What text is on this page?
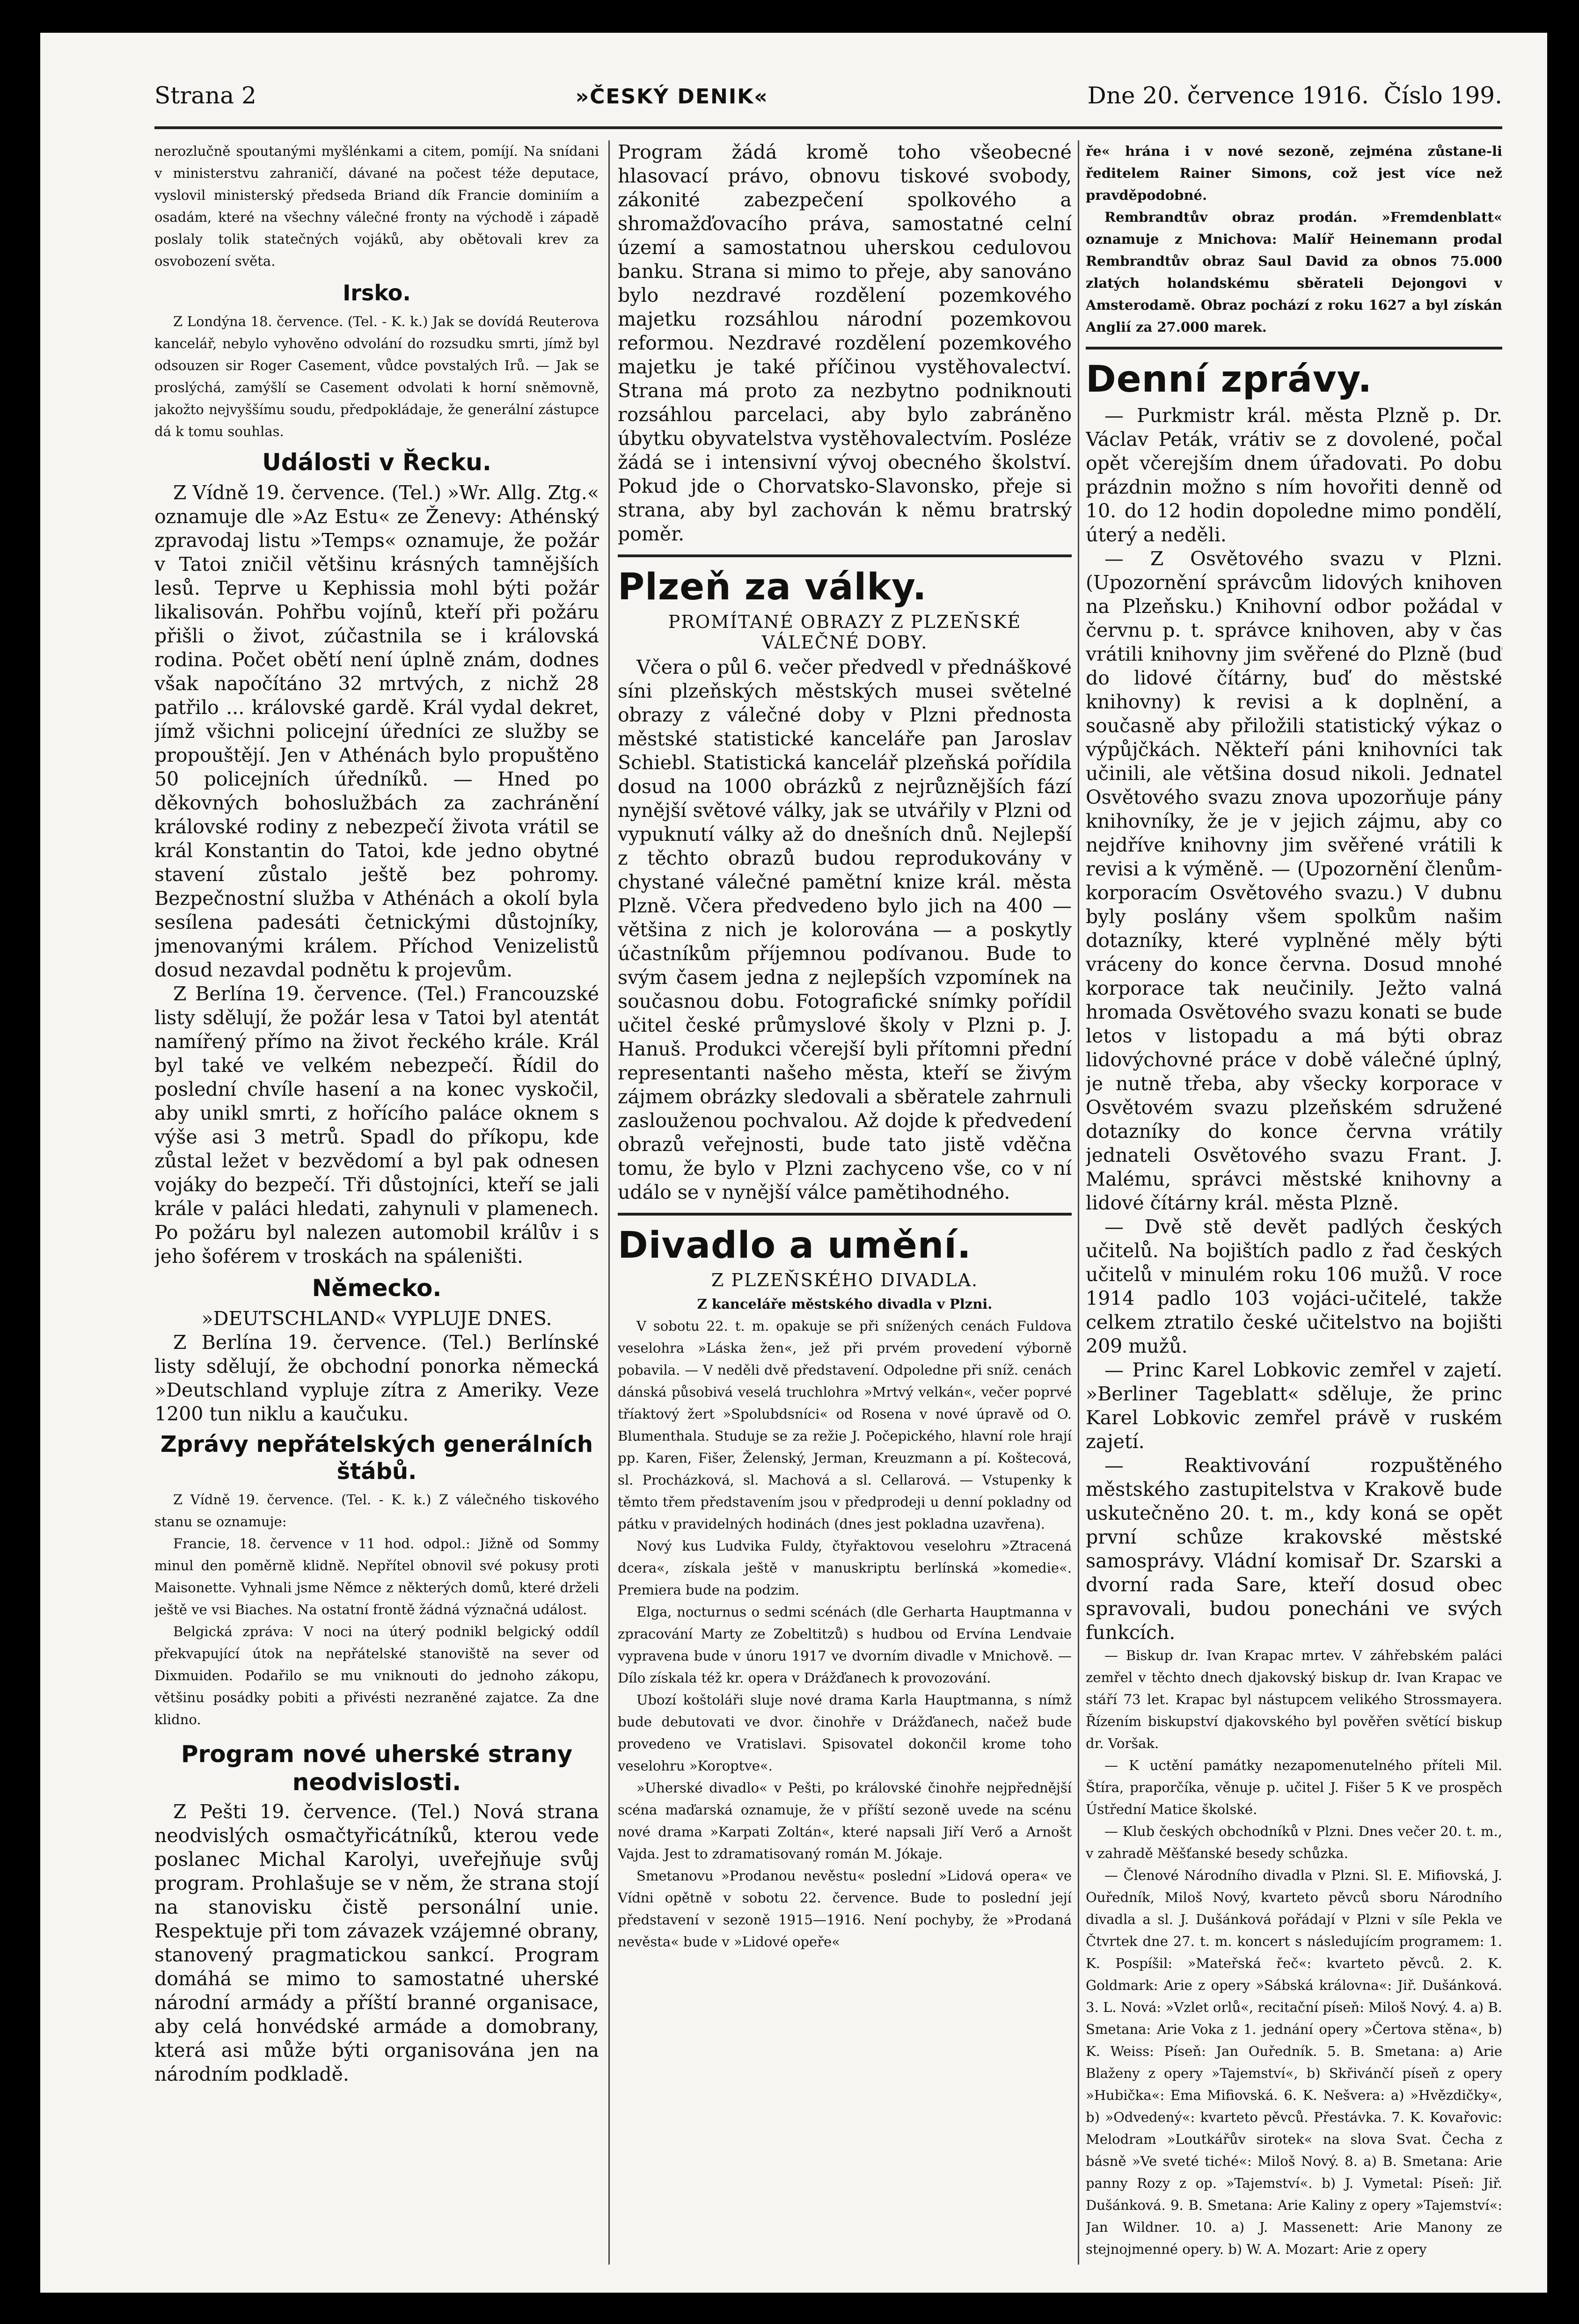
Strana 2	»ČESKÝ DENIK«	Dne 20. července 1916. Číslo 199.

nerozlučně spoutanými myšlénkami a citem, pomíjí. Na snídani v ministerstvu zahraničí, dávané na počest téže deputace, vyslovil ministerský předseda Briand dík Francie dominiím a osadám, které na všechny válečné fronty na východě i západě poslaly tolik statečných vojáků, aby obětovali krev za osvobození světa.

Irsko.

Z Londýna 18. července. (Tel. - K. k.) Jak se dovídá Reuterova kancelář, nebylo vyhověno odvolání do rozsudku smrti, jímž byl odsouzen sir Roger Casement, vůdce povstalých Irů. — Jak se proslýchá, zamýšlí se Casement odvolati k horní sněmovně, jakožto nejvyššímu soudu, předpokládaje, že generální zástupce dá k tomu souhlas.

Události v Řecku.

Z Vídně 19. července. (Tel.) »Wr. Allg. Ztg.« oznamuje dle »Az Estu« ze Ženevy: Athénský zpravodaj listu »Temps« oznamuje, že požár v Tatoi zničil většinu krásných tamnějších lesů. Teprve u Kephissia mohl býti požár likalisován. Pohřbu vojínů, kteří při požáru přišli o život, zúčastnila se i královská rodina. Počet obětí není úplně znám, dodnes však napočítáno 32 mrtvých, z nichž 28 patřilo ... královské gardě. Král vydal dekret, jímž všichni policejní úředníci ze služby se propouštějí. Jen v Athénách bylo propuštěno 50 policejních úředníků. — Hned po děkovných bohoslužbách za zachránění královské rodiny z nebezpečí života vrátil se král Konstantin do Tatoi, kde jedno obytné stavení zůstalo ještě bez pohromy. Bezpečnostní služba v Athénách a okolí byla sesílena padesáti četnickými důstojníky, jmenovanými králem. Příchod Venizelistů dosud nezavdal podnětu k projevům.

Z Berlína 19. července. (Tel.) Francouzské listy sdělují, že požár lesa v Tatoi byl atentát namířený přímo na život řeckého krále. Král byl také ve velkém nebezpečí. Řídil do poslední chvíle hasení a na konec vyskočil, aby unikl smrti, z hořícího paláce oknem s výše asi 3 metrů. Spadl do příkopu, kde zůstal ležet v bezvědomí a byl pak odnesen vojáky do bezpečí. Tři důstojníci, kteří se jali krále v paláci hledati, zahynuli v plamenech. Po požáru byl nalezen automobil králův i s jeho šoférem v troskách na spáleništi.

Německo.
»DEUTSCHLAND« VYPLUJE DNES.

Z Berlína 19. července. (Tel.) Berlínské listy sdělují, že obchodní ponorka německá »Deutschland vypluje zítra z Ameriky. Veze 1200 tun niklu a kaučuku.

Zprávy nepřátelských generálních štábů.

Z Vídně 19. července. (Tel. - K. k.) Z válečného tiskového stanu se oznamuje:

Francie, 18. července v 11 hod. odpol.: Jižně od Sommy minul den poměrně klidně. Nepřítel obnovil své pokusy proti Maisonette. Vyhnali jsme Němce z některých domů, které drželi ještě ve vsi Biaches. Na ostatní frontě žádná význačná událost.

Belgická zpráva: V noci na úterý podnikl belgický oddíl překvapující útok na nepřátelské stanoviště na sever od Dixmuiden. Podařilo se mu vniknouti do jednoho zákopu, většinu posádky pobiti a přivésti nezraněné zajatce. Za dne klidno.

Program nové uherské strany neodvislosti.

Z Pešti 19. července. (Tel.) Nová strana neodvislých osmačtyřicátníků, kterou vede poslanec Michal Karolyi, uveřejňuje svůj program. Prohlašuje se v něm, že strana stojí na stanovisku čistě personální unie. Respektuje při tom závazek vzájemné obrany, stanovený pragmatickou sankcí. Program domáhá se mimo to samostatné uherské národní armády a příští branné organisace, aby celá honvédské armáde a domobrany, která asi může býti organisována jen na národním podkladě.

Program žádá kromě toho všeobecné hlasovací právo, obnovu tiskové svobody, zákonité zabezpečení spolkového a shromažďovacího práva, samostatné celní území a samostatnou uherskou cedulovou banku. Strana si mimo to přeje, aby sanováno bylo nezdravé rozdělení pozemkového majetku rozsáhlou národní pozemkovou reformou. Nezdravé rozdělení pozemkového majetku je také příčinou vystěhovalectví. Strana má proto za nezbytno podniknouti rozsáhlou parcelaci, aby bylo zabráněno úbytku obyvatelstva vystěhovalectvím. Posléze žádá se i intensivní vývoj obecného školství. Pokud jde o Chorvatsko-Slavonsko, přeje si strana, aby byl zachován k němu bratrský poměr.

Plzeň za války.
PROMÍTANÉ OBRAZY Z PLZEŇSKÉ VÁLEČNÉ DOBY.

Včera o půl 6. večer předvedl v přednáškové síni plzeňských městských musei světelné obrazy z válečné doby v Plzni přednosta městské statistické kanceláře pan Jaroslav Schiebl. Statistická kancelář plzeňská pořídila dosud na 1000 obrázků z nejrůznějších fází nynější světové války, jak se utvářily v Plzni od vypuknutí války až do dnešních dnů. Nejlepší z těchto obrazů budou reprodukovány v chystané válečné pamětní knize král. města Plzně. Včera předvedeno bylo jich na 400 — většina z nich je kolorována — a poskytly účastníkům příjemnou podívanou. Bude to svým časem jedna z nejlepších vzpomínek na současnou dobu. Fotografické snímky pořídil učitel české průmyslové školy v Plzni p. J. Hanuš. Produkci včerejší byli přítomni přední representanti našeho města, kteří se živým zájmem obrázky sledovali a sběratele zahrnuli zaslouženou pochvalou. Až dojde k předvedení obrazů veřejnosti, bude tato jistě vděčna tomu, že bylo v Plzni zachyceno vše, co v ní událo se v nynější válce pamětihodného.

Divadlo a umění.
Z PLZEŇSKÉHO DIVADLA.
Z kanceláře městského divadla v Plzni.

V sobotu 22. t. m. opakuje se při snížených cenách Fuldova veselohra »Láska žen«, jež při prvém provedení výborně pobavila. — V neděli dvě představení. Odpoledne při sníž. cenách dánská působivá veselá truchlohra »Mrtvý velkán«, večer poprvé tříaktový žert »Spolubdsníci« od Rosena v nové úpravě od O. Blumenthala. Studuje se za režie J. Počepického, hlavní role hrají pp. Karen, Fišer, Želenský, Jerman, Kreuzmann a pí. Koštecová, sl. Procházková, sl. Machová a sl. Cellarová. — Vstupenky k těmto třem představením jsou v předprodeji u denní pokladny od pátku v pravidelných hodinách (dnes jest pokladna uzavřena).

Nový kus Ludvika Fuldy, čtyřaktovou veselohru »Ztracená dcera«, získala ještě v manuskriptu berlínská »komedie«. Premiera bude na podzim.

Elga, nocturnus o sedmi scénách (dle Gerharta Hauptmanna v zpracování Marty ze Zobeltitzů) s hudbou od Ervína Lendvaie vypravena bude v únoru 1917 ve dvorním divadle v Mnichově. — Dílo získala též kr. opera v Drážďanech k provozování.

Ubozí koštoláři sluje nové drama Karla Hauptmanna, s nímž bude debutovati ve dvor. činohře v Drážďanech, načež bude provedeno ve Vratislavi. Spisovatel dokončil krome toho veselohru »Koroptve«.

»Uherské divadlo« v Pešti, po královské činohře nejpřednější scéna maďarská oznamuje, že v příští sezoně uvede na scénu nové drama »Karpati Zoltán«, které napsali Jiří Verő a Arnošt Vajda. Jest to zdramatisovaný román M. Jókaje.

Smetanovu »Prodanou nevěstu« poslední »Lidová opera« ve Vídni opětně v sobotu 22. července. Bude to poslední její představení v sezoně 1915—1916. Není pochyby, že »Prodaná nevěsta« bude v »Lidové opeře«

ře« hrána i v nové sezoně, zejména zůstane-li ředitelem Rainer Simons, což jest více než pravděpodobné.

Rembrandtův obraz prodán. »Fremdenblatt« oznamuje z Mnichova: Malíř Heinemann prodal Rembrandtův obraz Saul David za obnos 75.000 zlatých holandskému sběrateli Dejongovi v Amsterodamě. Obraz pochází z roku 1627 a byl získán Anglií za 27.000 marek.

Denní zprávy.

— Purkmistr král. města Plzně p. Dr. Václav Peták, vrátiv se z dovolené, počal opět včerejším dnem úřadovati. Po dobu prázdnin možno s ním hovořiti denně od 10. do 12 hodin dopoledne mimo pondělí, úterý a neděli.

— Z Osvětového svazu v Plzni. (Upozornění správcům lidových knihoven na Plzeňsku.) Knihovní odbor požádal v červnu p. t. správce knihoven, aby v čas vrátili knihovny jim svěřené do Plzně (buď do lidové čítárny, buď do městské knihovny) k revisi a k doplnění, a současně aby přiložili statistický výkaz o výpůjčkách. Někteří páni knihovníci tak učinili, ale většina dosud nikoli. Jednatel Osvětového svazu znova upozorňuje pány knihovníky, že je v jejich zájmu, aby co nejdříve knihovny jim svěřené vrátili k revisi a k výměně. — (Upozornění členům-korporacím Osvětového svazu.) V dubnu byly poslány všem spolkům našim dotazníky, které vyplněné měly býti vráceny do konce června. Dosud mnohé korporace tak neučinily. Ježto valná hromada Osvětového svazu konati se bude letos v listopadu a má býti obraz lidovýchovné práce v době válečné úplný, je nutně třeba, aby všecky korporace v Osvětovém svazu plzeňském sdružené dotazníky do konce června vrátily jednateli Osvětového svazu Frant. J. Malému, správci městské knihovny a lidové čítárny král. města Plzně.

— Dvě stě devět padlých českých učitelů. Na bojištích padlo z řad českých učitelů v minulém roku 106 mužů. V roce 1914 padlo 103 vojáci-učitelé, takže celkem ztratilo české učitelstvo na bojišti 209 mužů.

— Princ Karel Lobkovic zemřel v zajetí. »Berliner Tageblatt« sděluje, že princ Karel Lobkovic zemřel právě v ruském zajetí.

— Reaktivování rozpuštěného městského zastupitelstva v Krakově bude uskutečněno 20. t. m., kdy koná se opět první schůze krakovské městské samosprávy. Vládní komisař Dr. Szarski a dvorní rada Sare, kteří dosud obec spravovali, budou ponecháni ve svých funkcích.

— Biskup dr. Ivan Krapac mrtev. V záhřebském paláci zemřel v těchto dnech djakovský biskup dr. Ivan Krapac ve stáří 73 let. Krapac byl nástupcem velikého Strossmayera. Řízením biskupství djakovského byl pověřen světící biskup dr. Voršak.

— K uctění památky nezapomenutelného příteli Mil. Štíra, praporčíka, věnuje p. učitel J. Fišer 5 K ve prospěch Ústřední Matice školské.

— Klub českých obchodníků v Plzni. Dnes večer 20. t. m., v zahradě Měšťanské besedy schůzka.

— Členové Národního divadla v Plzni. Sl. E. Mifiovská, J. Ouředník, Miloš Nový, kvarteto pěvců sboru Národního divadla a sl. J. Dušánková pořádají v Plzni v síle Pekla ve Čtvrtek dne 27. t. m. koncert s následujícím programem: 1. K. Pospíšil: »Mateřská řeč«: kvarteto pěvců. 2. K. Goldmark: Arie z opery »Sábská královna«: Jiř. Dušánková. 3. L. Nová: »Vzlet orlů«, recitační píseň: Miloš Nový. 4. a) B. Smetana: Arie Voka z 1. jednání opery »Čertova stěna«, b) K. Weiss: Píseň: Jan Ouředník. 5. B. Smetana: a) Arie Blaženy z opery »Tajemství«, b) Skřivánčí píseň z opery »Hubička«: Ema Mifiovská. 6. K. Nešvera: a) »Hvězdičky«, b) »Odvedený«: kvarteto pěvců. Přestávka. 7. K. Kovařovic: Melodram »Loutkářův sirotek« na slova Svat. Čecha z básně »Ve sveté tiché«: Miloš Nový. 8. a) B. Smetana: Arie panny Rozy z op. »Tajemství«. b) J. Vymetal: Píseň: Jiř. Dušánková. 9. B. Smetana: Arie Kaliny z opery »Tajemství«: Jan Wildner. 10. a) J. Massenett: Arie Manony ze stejnojmenné opery. b) W. A. Mozart: Arie z opery
